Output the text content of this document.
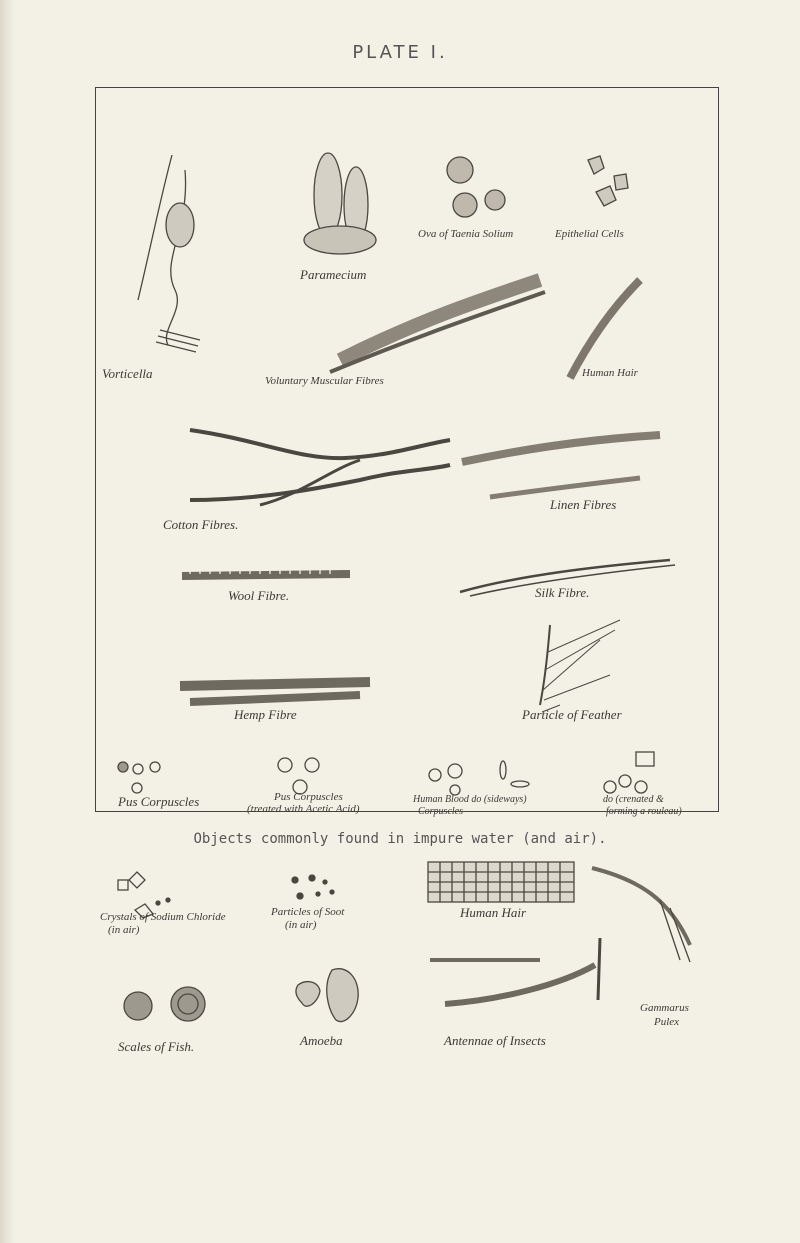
PLATE I.
Vorticella
Paramecium
Ova of Taenia Solium	Epithelial Cells
Voluntary Muscular Fibres
Human Hair
Cotton Fibres.
Linen Fibres
Wool Fibre.	Silk Fibre.
Hemp Fibre	Particle of Feather
Pus Corpuscles	Pus Corpuscles
(treated with Acetic Acid)
Human Blood do (sideways)
Corpuscles
do (crenated &
forming a rouleau)
Crystals of Sodium Chloride
(in air)
Particles of Soot
(in air)
Human Hair
Gammarus
Pulex
Scales of Fish.	Amoeba	Antennae of Insects
Objects commonly found in impure water (and air).
